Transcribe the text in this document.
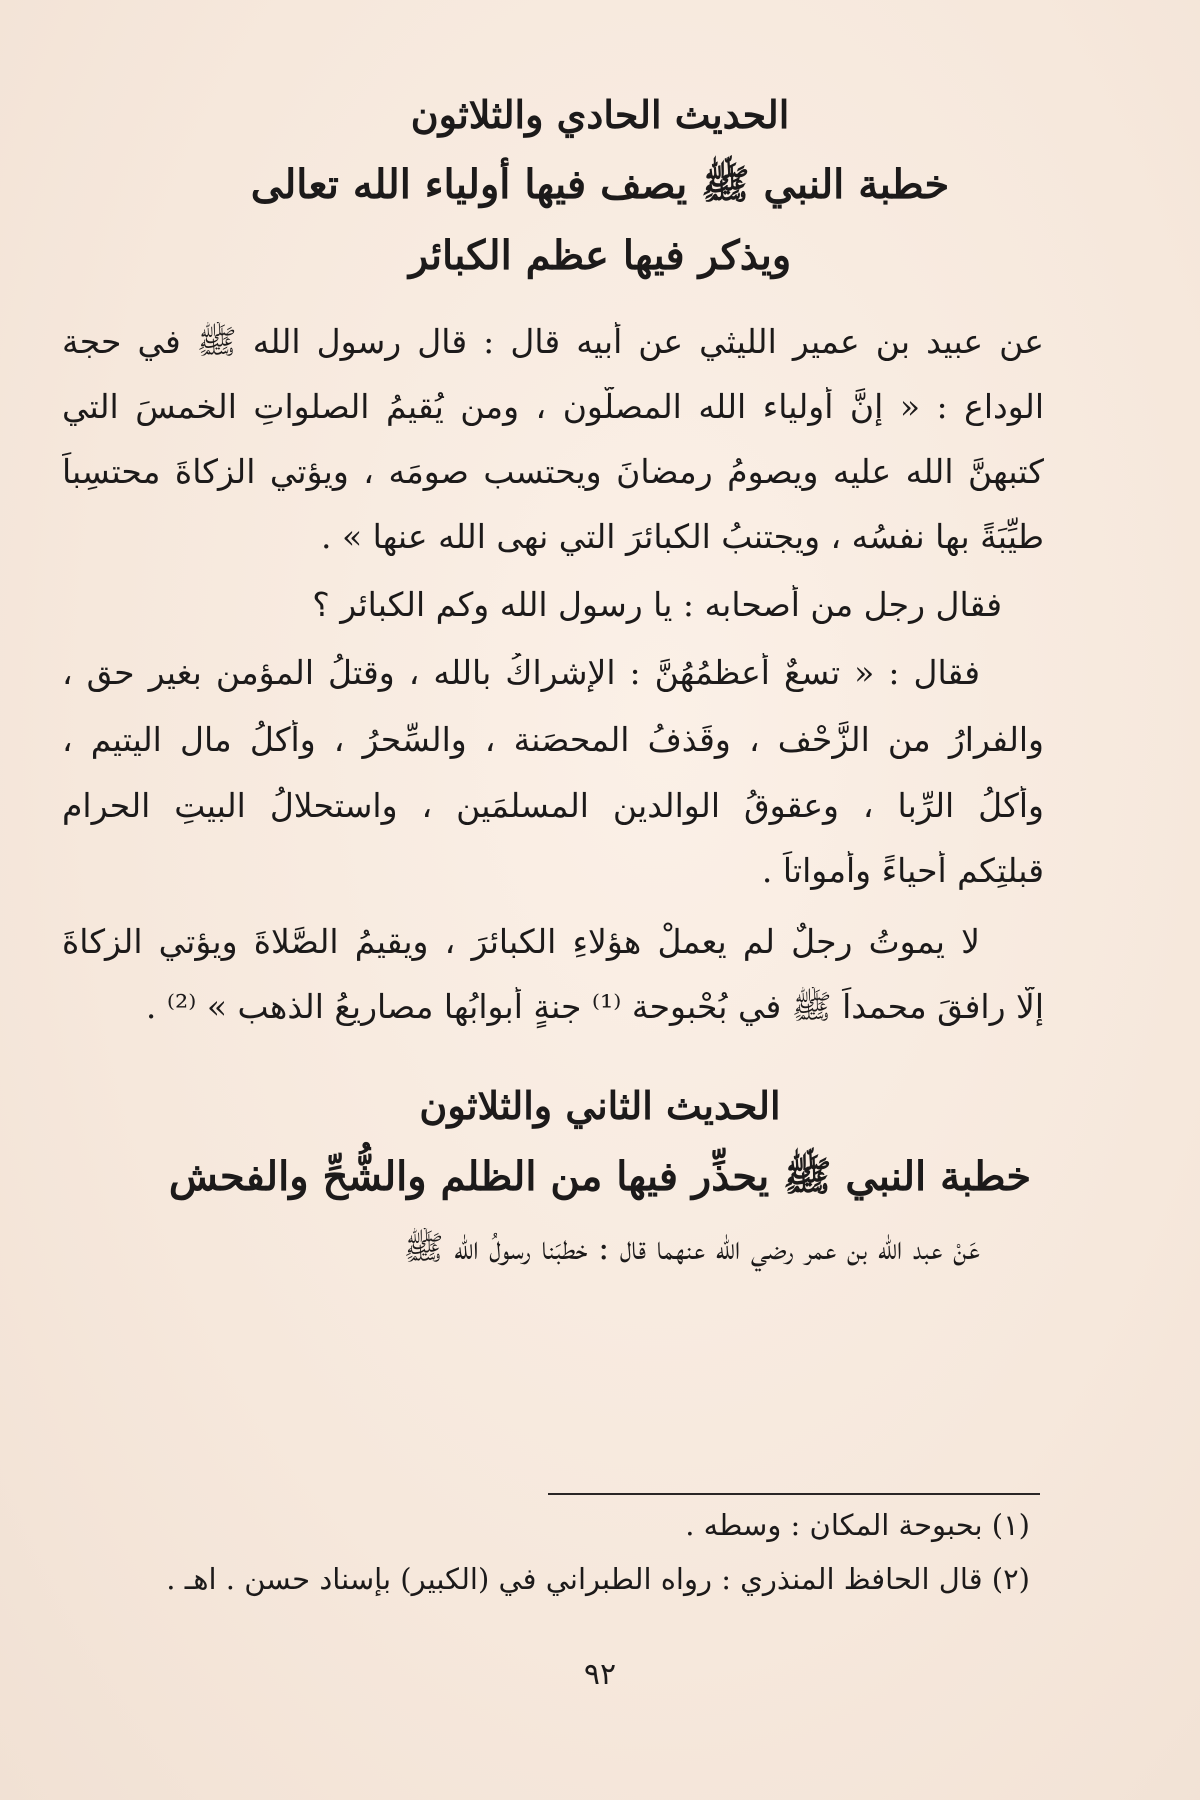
الحديث الحادي والثلاثون
خطبة النبي ﷺ يصف فيها أولياء الله تعالى
ويذكر فيها عظم الكبائر
عن عبيد بن عمير الليثي عن أبيه قال : قال رسول الله ﷺ في حجة
الوداع : « إنَّ أولياء الله المصلُّون ، ومن يُقيمُ الصلواتِ الخمسَ التي
كتبهنَّ الله عليه ويصومُ رمضانَ ويحتسب صومَه ، ويؤتي الزكاةَ محتسِباً
طيِّبَةً بها نفسُه ، ويجتنبُ الكبائرَ التي نهى الله عنها » .
فقال رجل من أصحابه : يا رسول الله وكم الكبائر ؟
فقال : « تسعٌ أعظمُهُنَّ : الإشراكُ بالله ، وقتلُ المؤمن بغير حق ،
والفرارُ من الزَّحْف ، وقَذفُ المحصَنة ، والسِّحرُ ، وأكلُ مالِ اليتيم ،
وأكلُ الرِّبا ، وعقوقُ الوالدين المسلمَين ، واستحلالُ البيتِ الحرام
قبلتِكم أحياءً وأمواتاً .
لا يموتُ رجلٌ لم يعملْ هؤلاءِ الكبائرَ ، ويقيمُ الصَّلاةَ ويؤتي الزكاةَ
إلَّا رافقَ محمداً ﷺ في بُحْبوحة ⁽¹⁾ جنةٍ أبوابُها مصاريعُ الذهب » ⁽²⁾ .
الحديث الثاني والثلاثون
خطبة النبي ﷺ يحذِّر فيها من الظلم والشُّحِّ والفحش
عَنْ عبد الله بن عمر رضي الله عنهما قال : خطبَنا رسولُ الله ﷺ
(١) بحبوحة المكان : وسطه .
(٢) قال الحافظ المنذري : رواه الطبراني في (الكبير) بإسناد حسن . اهـ .
٩٢
